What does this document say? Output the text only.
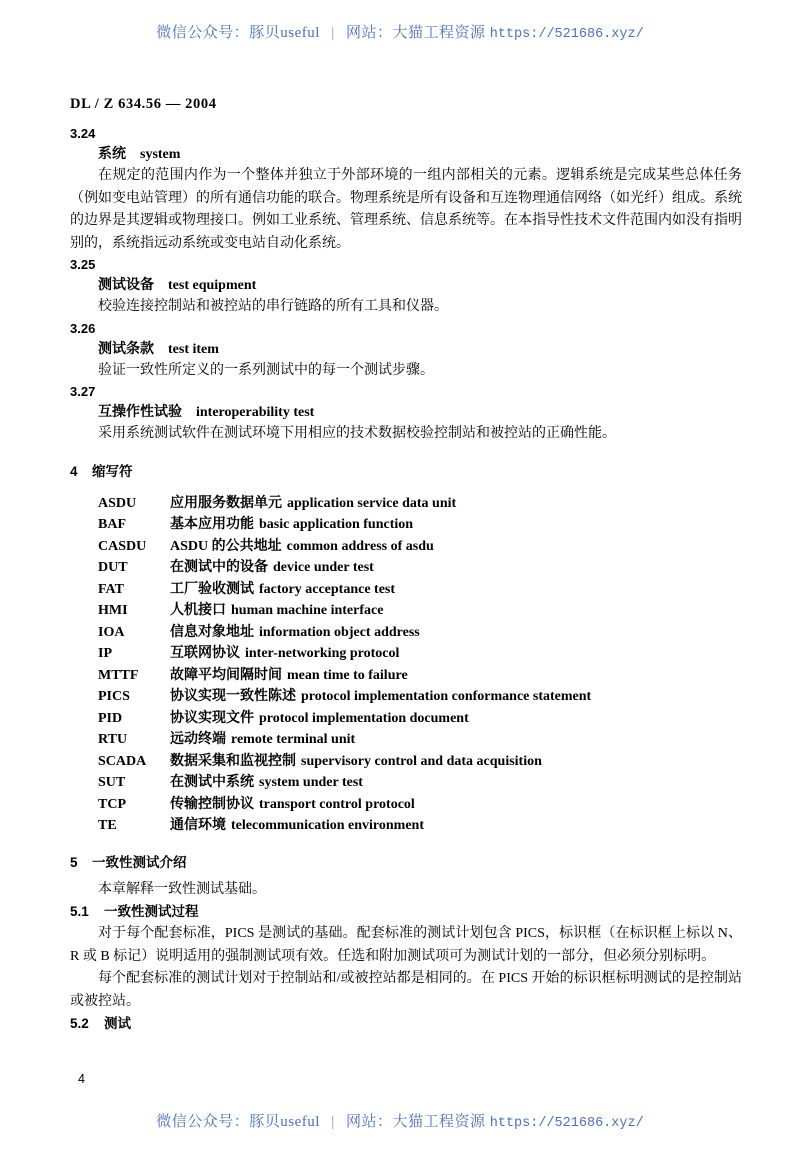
微信公众号：豚贝useful | 网站：大猫工程资源 https://521686.xyz/
DL / Z 634.56 — 2004

3.24

系统 system

在规定的范围内作为一个整体并独立于外部环境的一组内部相关的元素。逻辑系统是完成某些总体任务（例如变电站管理）的所有通信功能的联合。物理系统是所有设备和互连物理通信网络（如光纤）组成。系统的边界是其逻辑或物理接口。例如工业系统、管理系统、信息系统等。在本指导性技术文件范围内如没有指明别的，系统指远动系统或变电站自动化系统。

3.25

测试设备 test equipment

校验连接控制站和被控站的串行链路的所有工具和仪器。

3.26

测试条款 test item

验证一致性所定义的一系列测试中的每一个测试步骤。

3.27

互操作性试验 interoperability test

采用系统测试软件在测试环境下用相应的技术数据校验控制站和被控站的正确性能。

4 缩写符

ASDU	应用服务数据单元 application service data unit
BAF	基本应用功能 basic application function
CASDU	ASDU 的公共地址 common address of asdu
DUT	在测试中的设备 device under test
FAT	工厂验收测试 factory acceptance test
HMI	人机接口 human machine interface
IOA	信息对象地址 information object address
IP	互联网协议 inter-networking protocol
MTTF	故障平均间隔时间 mean time to failure
PICS	协议实现一致性陈述 protocol implementation conformance statement
PID	协议实现文件 protocol implementation document
RTU	远动终端 remote terminal unit
SCADA	数据采集和监视控制 supervisory control and data acquisition
SUT	在测试中系统 system under test
TCP	传输控制协议 transport control protocol
TE	通信环境 telecommunication environment

5 一致性测试介绍

本章解释一致性测试基础。

5.1 一致性测试过程

对于每个配套标准，PICS 是测试的基础。配套标准的测试计划包含 PICS，标识框（在标识框上标以 N、R 或 B 标记）说明适用的强制测试项有效。任选和附加测试项可为测试计划的一部分，但必须分别标明。

每个配套标准的测试计划对于控制站和/或被控站都是相同的。在 PICS 开始的标识框标明测试的是控制站或被控站。

5.2 测试

4
微信公众号：豚贝useful | 网站：大猫工程资源 https://521686.xyz/
